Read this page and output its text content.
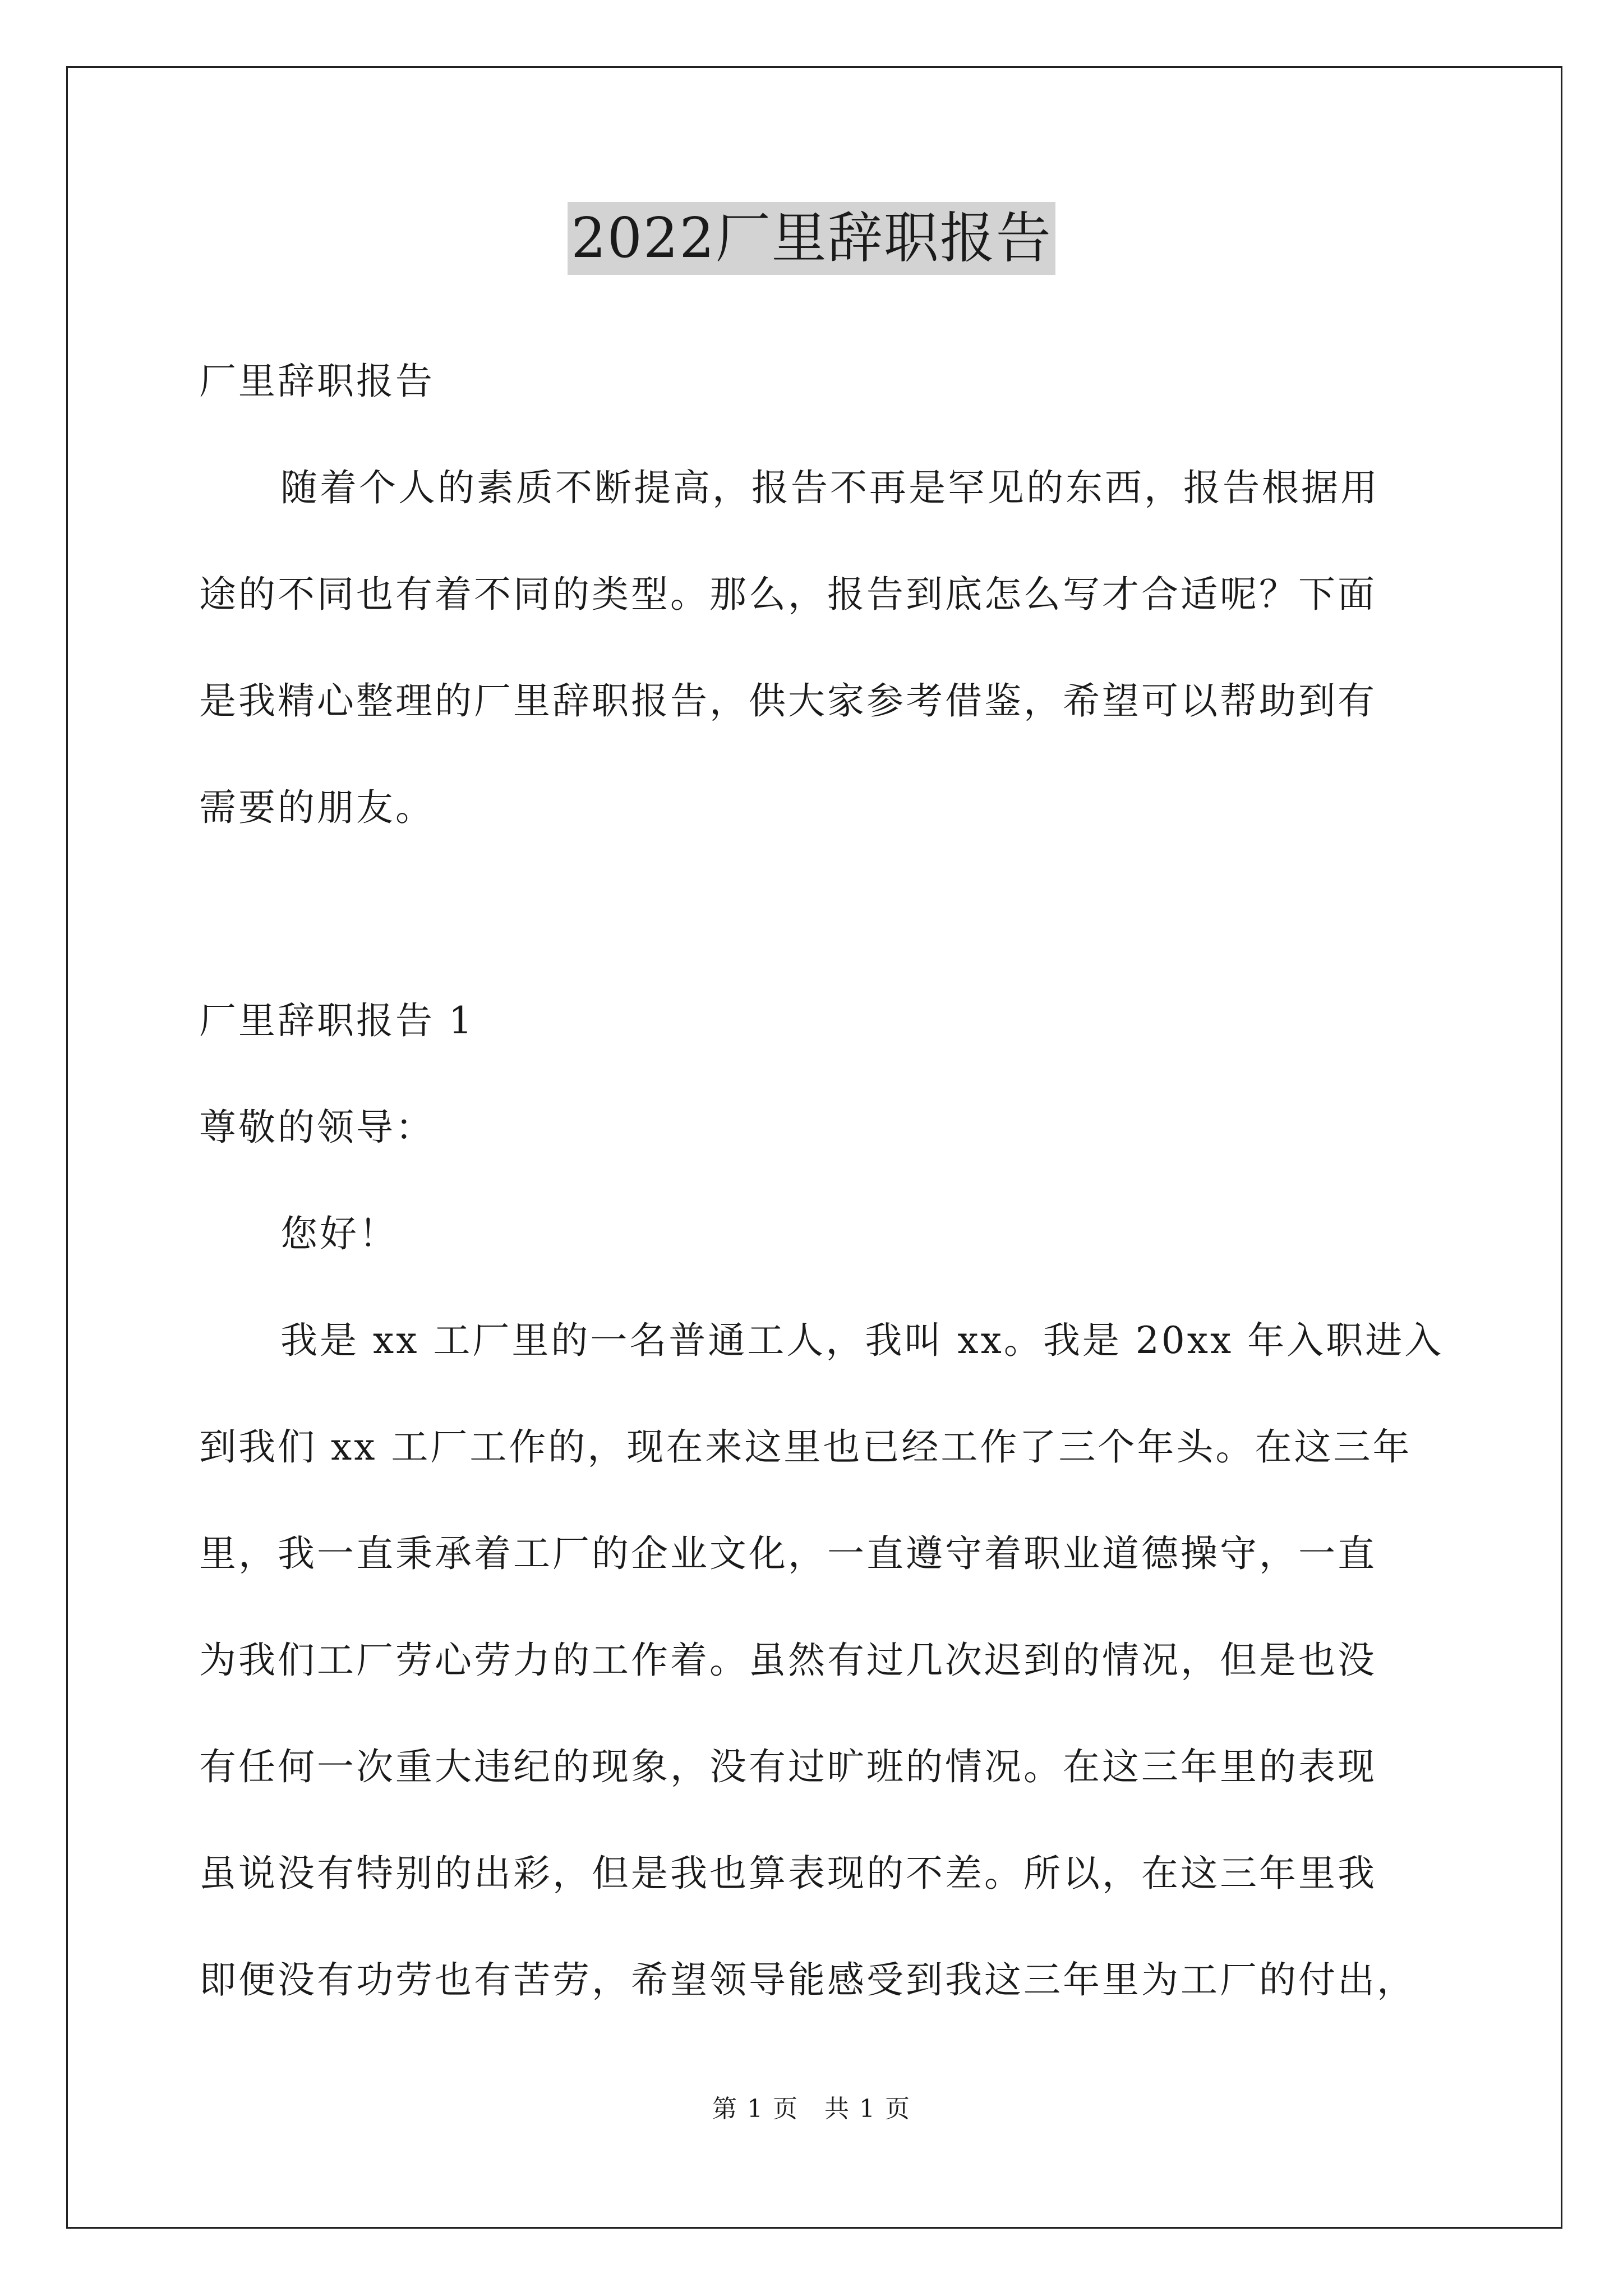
2022厂里辞职报告
厂里辞职报告
随着个人的素质不断提高，报告不再是罕见的东西，报告根据用
途的不同也有着不同的类型。那么，报告到底怎么写才合适呢？下面
是我精心整理的厂里辞职报告，供大家参考借鉴，希望可以帮助到有
需要的朋友。
厂里辞职报告 1
尊敬的领导：
您好！
我是 xx 工厂里的一名普通工人，我叫 xx。我是 20xx 年入职进入
到我们 xx 工厂工作的，现在来这里也已经工作了三个年头。在这三年
里，我一直秉承着工厂的企业文化，一直遵守着职业道德操守，一直
为我们工厂劳心劳力的工作着。虽然有过几次迟到的情况，但是也没
有任何一次重大违纪的现象，没有过旷班的情况。在这三年里的表现
虽说没有特别的出彩，但是我也算表现的不差。所以，在这三年里我
即便没有功劳也有苦劳，希望领导能感受到我这三年里为工厂的付出，
第 1 页　共 1 页
